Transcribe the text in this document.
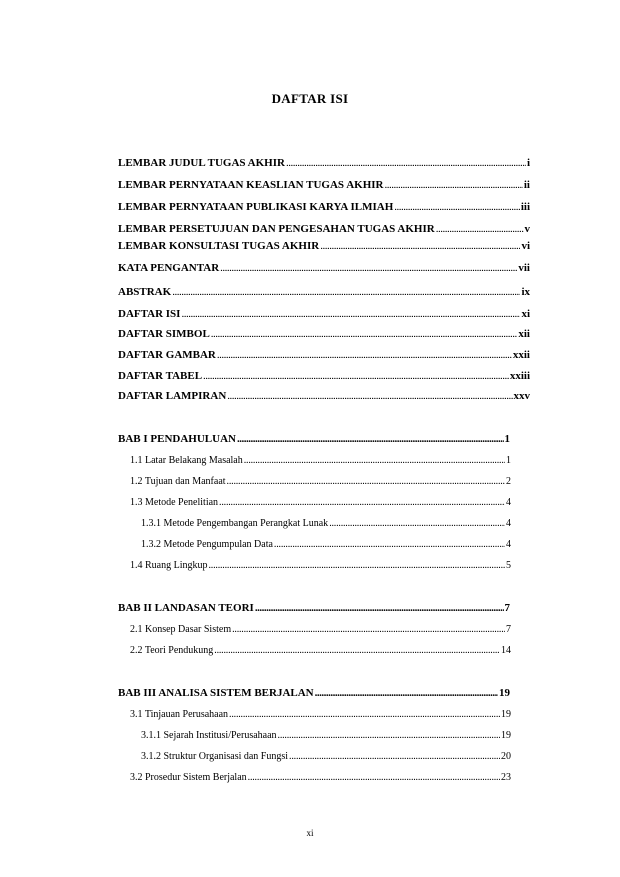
DAFTAR ISI
LEMBAR JUDUL TUGAS AKHIR .....	i
LEMBAR PERNYATAAN KEASLIAN TUGAS AKHIR .....	ii
LEMBAR PERNYATAAN PUBLIKASI KARYA ILMIAH .....	iii
LEMBAR PERSETUJUAN DAN PENGESAHAN TUGAS AKHIR .....	v
LEMBAR KONSULTASI TUGAS AKHIR .....	vi
KATA PENGANTAR .....	vii
ABSTRAK .....	ix
DAFTAR ISI .....	xi
DAFTAR SIMBOL .....	xii
DAFTAR GAMBAR .....	xxii
DAFTAR TABEL .....	xxiii
DAFTAR LAMPIRAN .....	xxv
BAB I PENDAHULUAN .....	1
1.1 Latar Belakang Masalah .....	1
1.2 Tujuan dan Manfaat .....	2
1.3 Metode Penelitian .....	4
1.3.1 Metode Pengembangan Perangkat Lunak .....	4
1.3.2 Metode Pengumpulan Data .....	4
1.4 Ruang Lingkup .....	5
BAB II LANDASAN TEORI .....	7
2.1 Konsep Dasar Sistem .....	7
2.2 Teori Pendukung .....	14
BAB III ANALISA SISTEM BERJALAN .....	19
3.1 Tinjauan Perusahaan .....	19
3.1.1 Sejarah Institusi/Perusahaan .....	19
3.1.2 Struktur Organisasi dan Fungsi .....	20
3.2 Prosedur Sistem Berjalan .....	23
xi
